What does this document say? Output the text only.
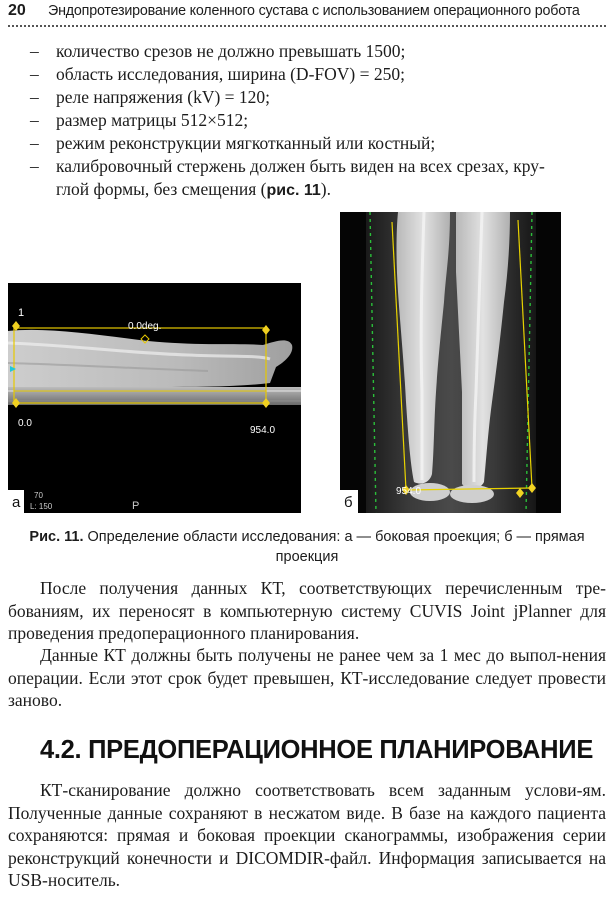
20 Эндопротезирование коленного сустава с использованием операционного робота
– количество срезов не должно превышать 1500;
– область исследования, ширина (D-FOV) = 250;
– реле напряжения (kV) = 120;
– размер матрицы 512×512;
– режим реконструкции мягкотканный или костный;
– калибровочный стержень должен быть виден на всех срезах, кру-
глой формы, без смещения (рис. 11).
1
0.0deg.
0.0
954.0
70
L: 150	P
а
954.0
б
Рис. 11. Определение области исследования: а — боковая проекция; б — прямая
проекция
После получения данных КТ, соответствующих перечисленным тре-бованиям, их переносят в компьютерную систему CUVIS Joint jPlanner для проведения предоперационного планирования.
Данные КТ должны быть получены не ранее чем за 1 мес до выпол-нения операции. Если этот срок будет превышен, КТ-исследование следует провести заново.
4.2. ПРЕДОПЕРАЦИОННОЕ ПЛАНИРОВАНИЕ
КТ-сканирование должно соответствовать всем заданным услови-ям. Полученные данные сохраняют в несжатом виде. В базе на каждого пациента сохраняются: прямая и боковая проекции сканограммы, изображения серии реконструкций конечности и DICOMDIR-файл. Информация записывается на USB-носитель.
